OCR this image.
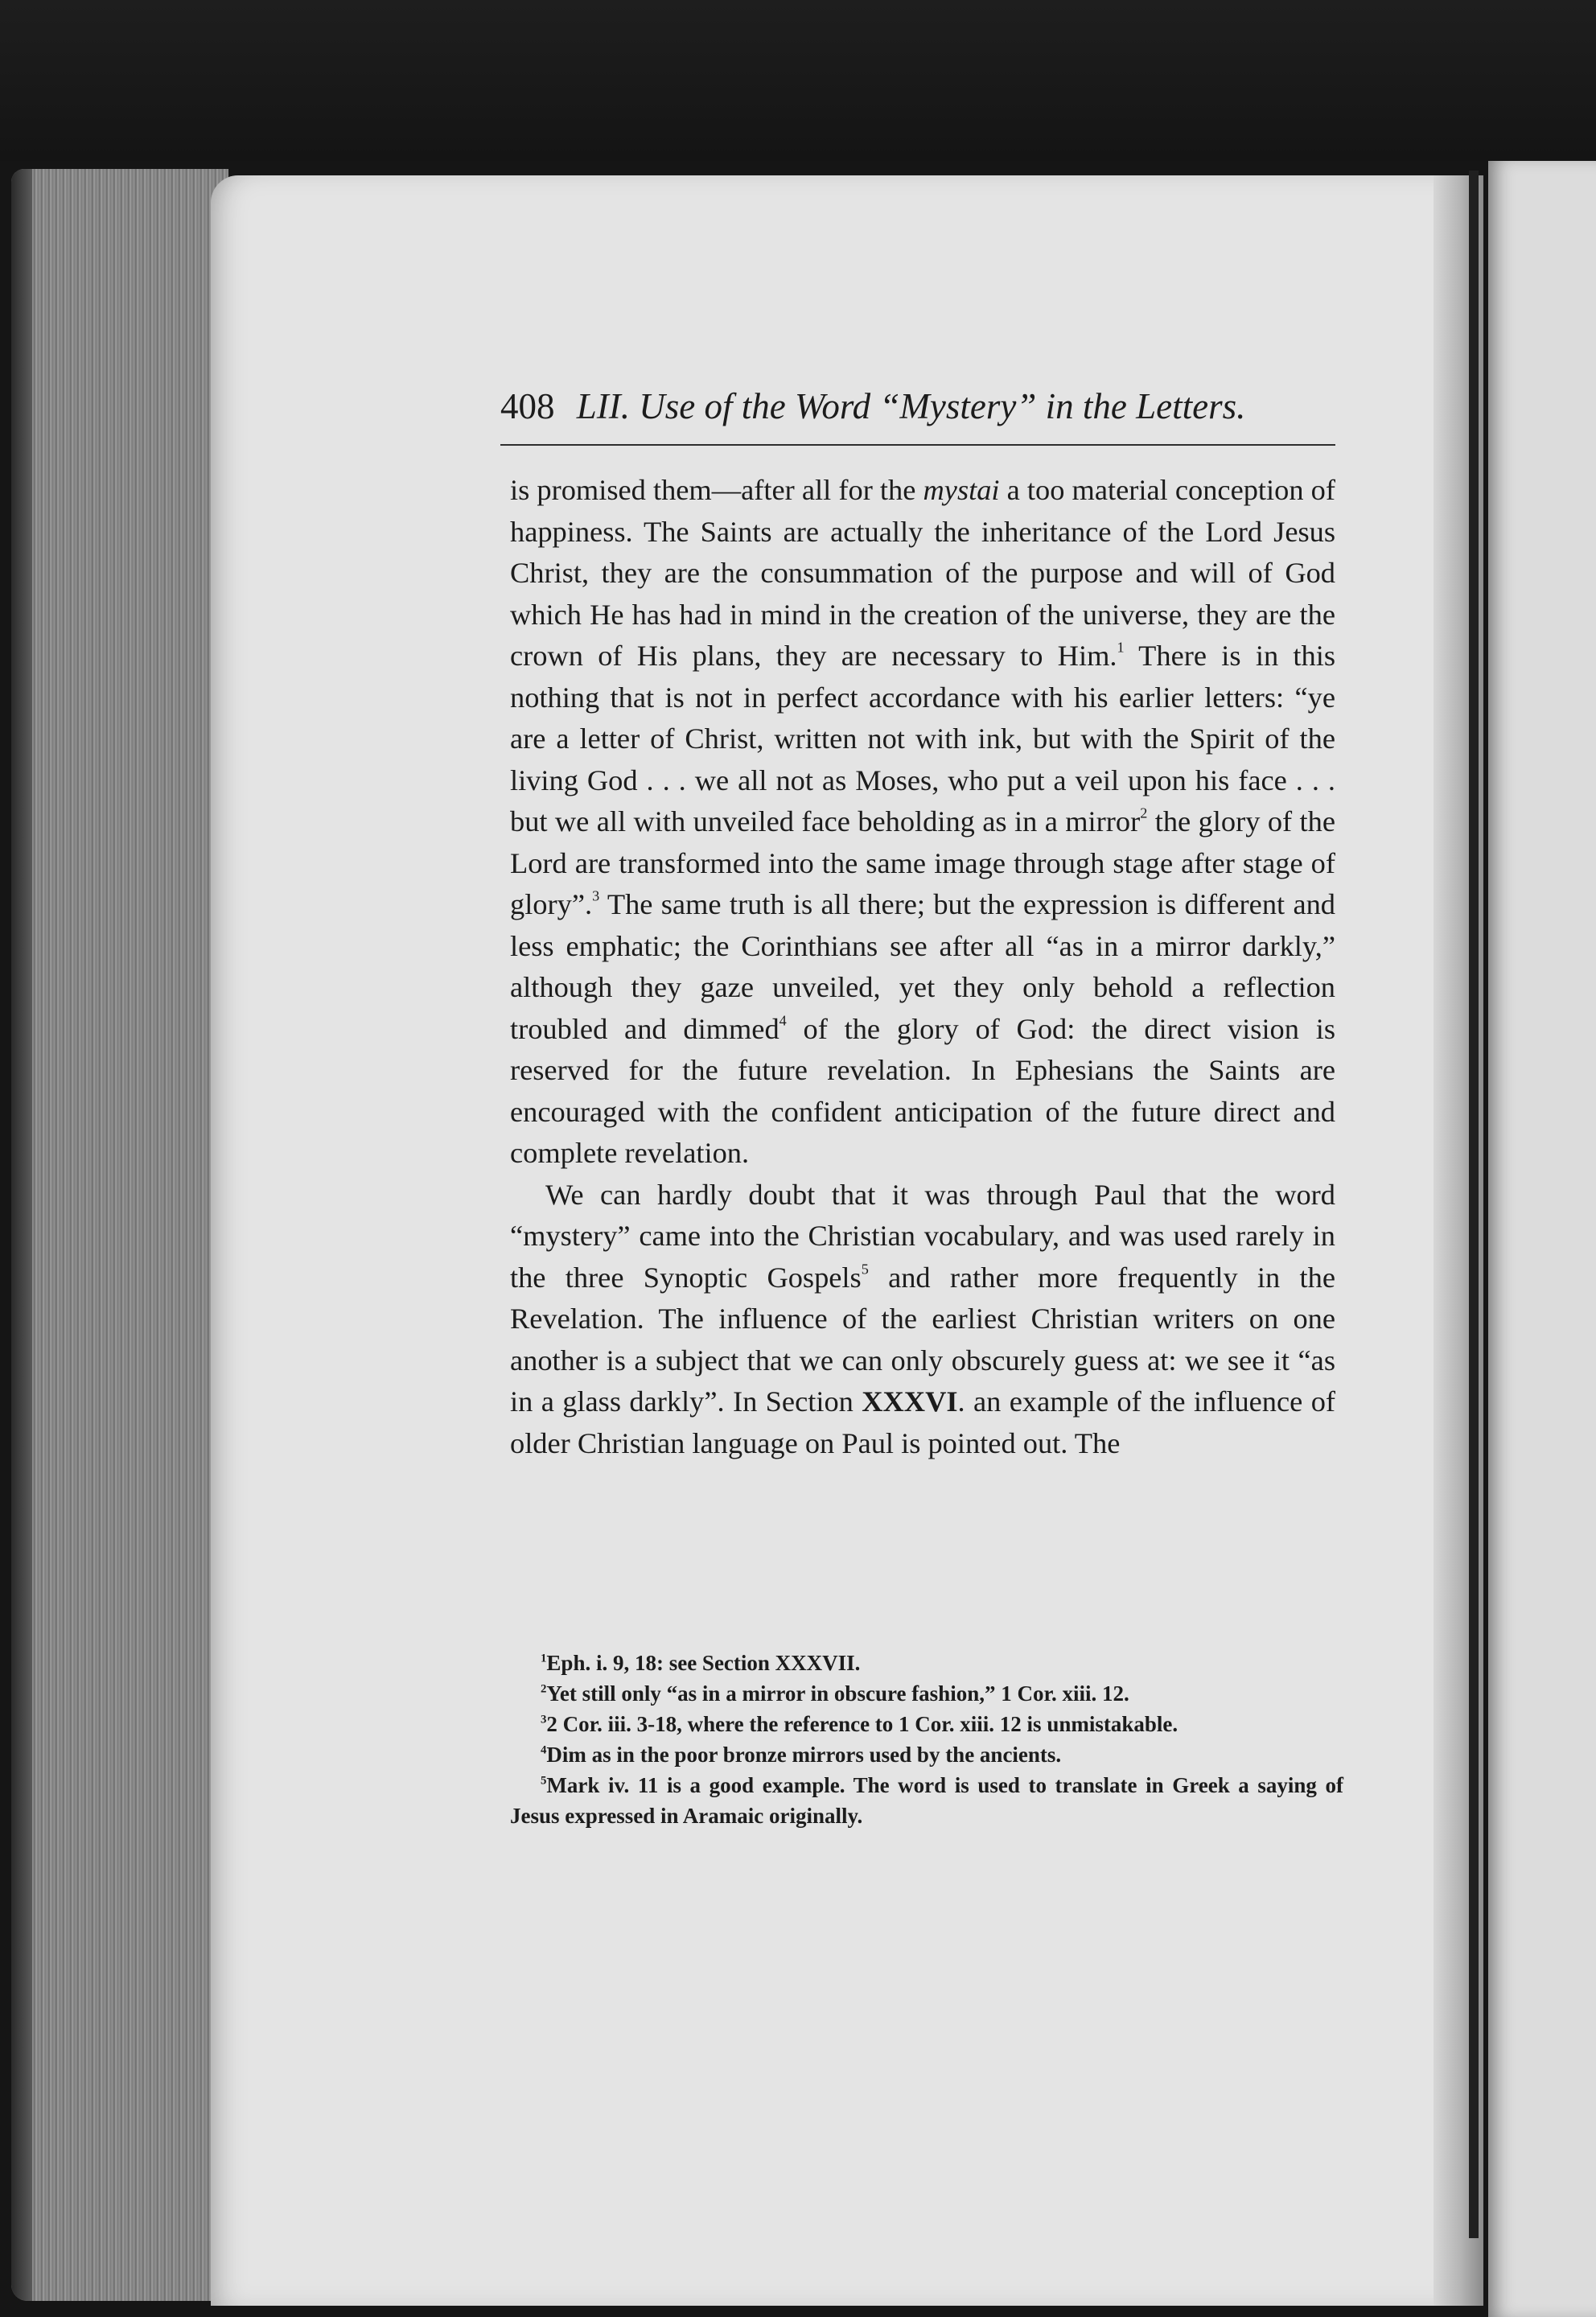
408 LII. Use of the Word “Mystery” in the Letters.

is promised them—after all for the mystai a too material conception of happiness. The Saints are actually the inheritance of the Lord Jesus Christ, they are the consummation of the purpose and will of God which He has had in mind in the creation of the universe, they are the crown of His plans, they are necessary to Him.$^1$ There is in this nothing that is not in perfect accordance with his earlier letters: “ye are a letter of Christ, written not with ink, but with the Spirit of the living God . . . we all not as Moses, who put a veil upon his face . . . but we all with unveiled face beholding as in a mirror$^2$ the glory of the Lord are transformed into the same image through stage after stage of glory”.$^3$ The same truth is all there; but the expression is different and less emphatic; the Corinthians see after all “as in a mirror darkly,” although they gaze unveiled, yet they only behold a reflection troubled and dimmed$^4$ of the glory of God: the direct vision is reserved for the future revelation. In Ephesians the Saints are encouraged with the confident anticipation of the future direct and complete revelation.

We can hardly doubt that it was through Paul that the word “mystery” came into the Christian vocabulary, and was used rarely in the three Synoptic Gospels$^5$ and rather more frequently in the Revelation. The influence of the earliest Christian writers on one another is a subject that we can only obscurely guess at: we see it “as in a glass darkly”. In Section XXXVI. an example of the influence of older Christian language on Paul is pointed out. The

$^1$Eph. i. 9, 18: see Section XXXVII.

$^2$Yet still only “as in a mirror in obscure fashion,” 1 Cor. xiii. 12.

$^3$2 Cor. iii. 3-18, where the reference to 1 Cor. xiii. 12 is unmistakable.

$^4$Dim as in the poor bronze mirrors used by the ancients.

$^5$Mark iv. 11 is a good example. The word is used to translate in Greek a saying of Jesus expressed in Aramaic originally.
